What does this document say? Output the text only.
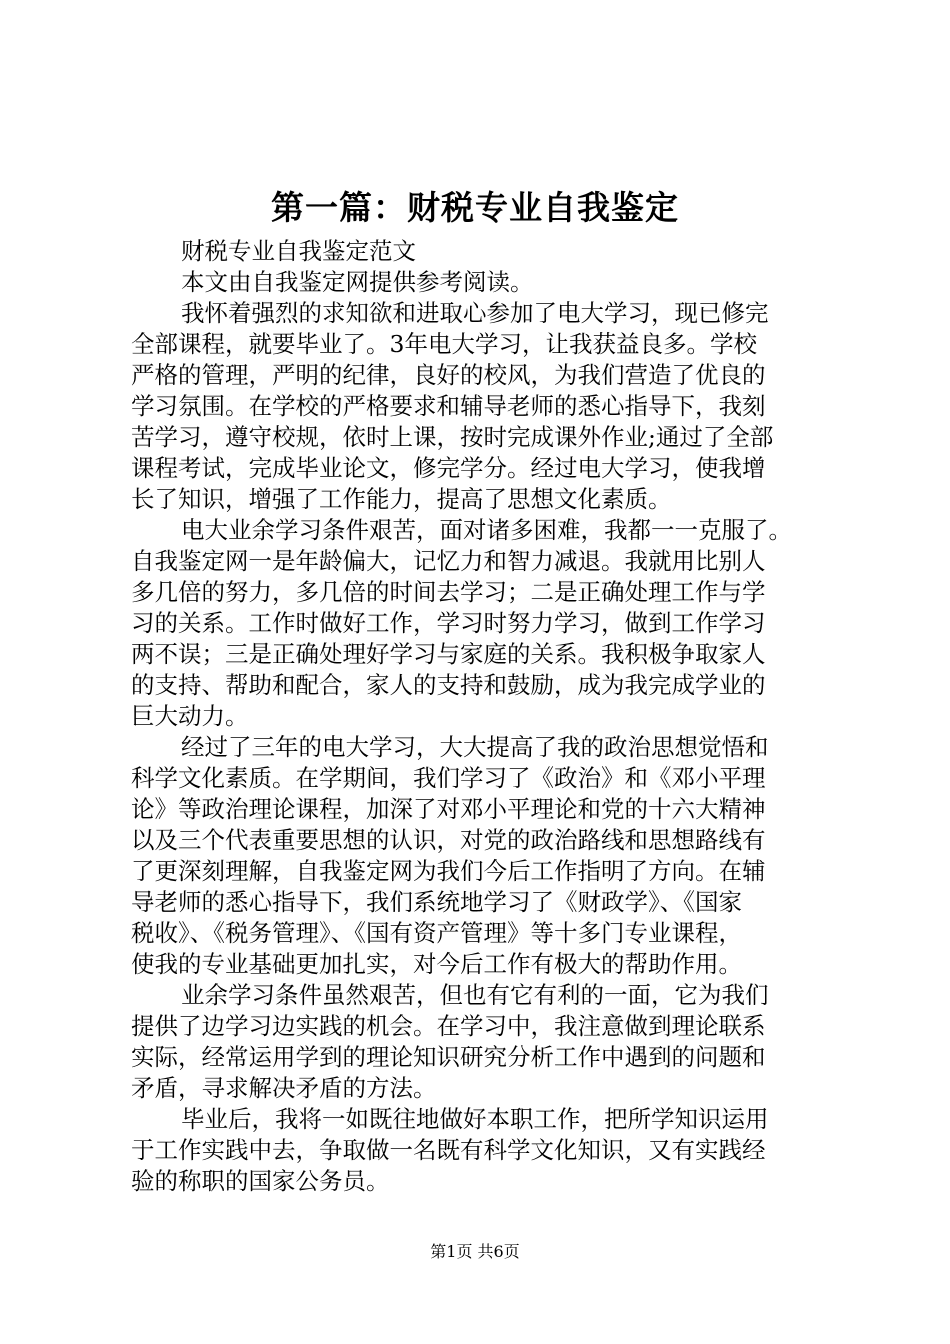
第一篇：财税专业自我鉴定
财税专业自我鉴定范文
本文由自我鉴定网提供参考阅读。
我怀着强烈的求知欲和进取心参加了电大学习，现已修完
全部课程，就要毕业了。3年电大学习，让我获益良多。学校
严格的管理，严明的纪律，良好的校风，为我们营造了优良的
学习氛围。在学校的严格要求和辅导老师的悉心指导下，我刻
苦学习，遵守校规，依时上课，按时完成课外作业;通过了全部
课程考试，完成毕业论文，修完学分。经过电大学习，使我增
长了知识，增强了工作能力，提高了思想文化素质。
电大业余学习条件艰苦，面对诸多困难，我都一一克服了。
自我鉴定网一是年龄偏大，记忆力和智力减退。我就用比别人
多几倍的努力，多几倍的时间去学习；二是正确处理工作与学
习的关系。工作时做好工作，学习时努力学习，做到工作学习
两不误；三是正确处理好学习与家庭的关系。我积极争取家人
的支持、帮助和配合，家人的支持和鼓励，成为我完成学业的
巨大动力。
经过了三年的电大学习，大大提高了我的政治思想觉悟和
科学文化素质。在学期间，我们学习了《政治》和《邓小平理
论》等政治理论课程，加深了对邓小平理论和党的十六大精神
以及三个代表重要思想的认识，对党的政治路线和思想路线有
了更深刻理解，自我鉴定网为我们今后工作指明了方向。在辅
导老师的悉心指导下，我们系统地学习了《财政学》、《国家
税收》、《税务管理》、《国有资产管理》等十多门专业课程，
使我的专业基础更加扎实，对今后工作有极大的帮助作用。
业余学习条件虽然艰苦，但也有它有利的一面，它为我们
提供了边学习边实践的机会。在学习中，我注意做到理论联系
实际，经常运用学到的理论知识研究分析工作中遇到的问题和
矛盾，寻求解决矛盾的方法。
毕业后，我将一如既往地做好本职工作，把所学知识运用
于工作实践中去，争取做一名既有科学文化知识，又有实践经
验的称职的国家公务员。
第1页 共6页
